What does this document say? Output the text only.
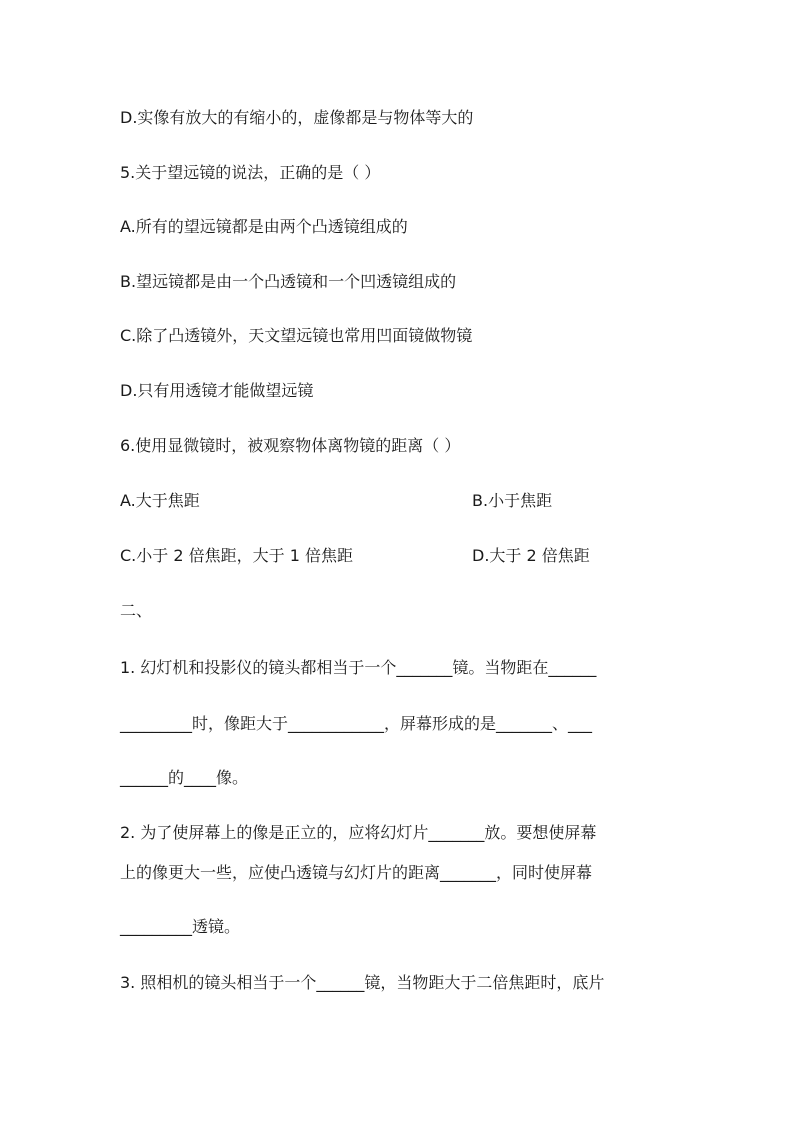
D.实像有放大的有缩小的，虚像都是与物体等大的
5.关于望远镜的说法，正确的是（ ）
A.所有的望远镜都是由两个凸透镜组成的
B.望远镜都是由一个凸透镜和一个凹透镜组成的
C.除了凸透镜外，天文望远镜也常用凹面镜做物镜
D.只有用透镜才能做望远镜
6.使用显微镜时，被观察物体离物镜的距离（ ）
A.大于焦距	B.小于焦距
C.小于 2 倍焦距，大于 1 倍焦距	D.大于 2 倍焦距
二、
1. 幻灯机和投影仪的镜头都相当于一个_______镜。当物距在______
_________时，像距大于____________，屏幕形成的是_______、___
______的____像。
2. 为了使屏幕上的像是正立的，应将幻灯片_______放。要想使屏幕
上的像更大一些，应使凸透镜与幻灯片的距离_______，同时使屏幕
_________透镜。
3. 照相机的镜头相当于一个______镜，当物距大于二倍焦距时，底片
